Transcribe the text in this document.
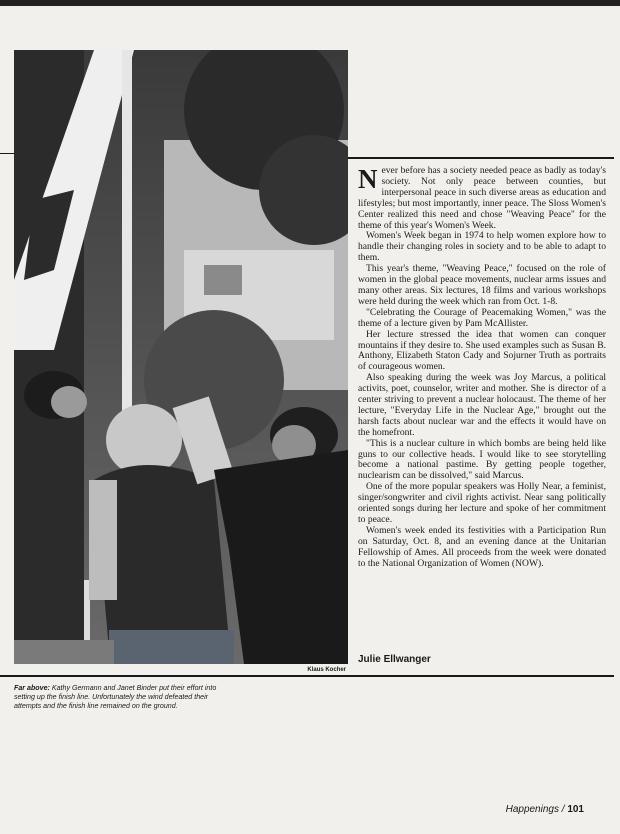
Klaus Kocher

Never before has a society needed peace as badly as today's society. Not only peace between counties, but interpersonal peace in such diverse areas as education and lifestyles; but most importantly, inner peace. The Sloss Women's Center realized this need and chose "Weaving Peace" for the theme of this year's Women's Week.

Women's Week began in 1974 to help women explore how to handle their changing roles in society and to be able to adapt to them.

This year's theme, "Weaving Peace," focused on the role of women in the global peace movements, nuclear arms issues and many other areas. Six lectures, 18 films and various workshops were held during the week which ran from Oct. 1-8.

"Celebrating the Courage of Peacemaking Women," was the theme of a lecture given by Pam McAllister.

Her lecture stressed the idea that women can conquer mountains if they desire to. She used examples such as Susan B. Anthony, Elizabeth Staton Cady and Sojurner Truth as portraits of courageous women.

Also speaking during the week was Joy Marcus, a political activits, poet, counselor, writer and mother. She is director of a center striving to prevent a nuclear holocaust. The theme of her lecture, "Everyday Life in the Nuclear Age," brought out the harsh facts about nuclear war and the effects it would have on the homefront.

"This is a nuclear culture in which bombs are being held like guns to our collective heads. I would like to see storytelling become a national pastime. By getting people together, nuclearism can be dissolved," said Marcus.

One of the more popular speakers was Holly Near, a feminist, singer/songwriter and civil rights activist. Near sang politically oriented songs during her lecture and spoke of her commitment to peace.

Women's week ended its festivities with a Participation Run on Saturday, Oct. 8, and an evening dance at the Unitarian Fellowship of Ames. All proceeds from the week were donated to the National Organization of Women (NOW).

Julie Ellwanger
Far above: Kathy Germann and Janet Binder put their effort into setting up the finish line. Unfortunately the wind defeated their attempts and the finish line remained on the ground.
Happenings / 101
